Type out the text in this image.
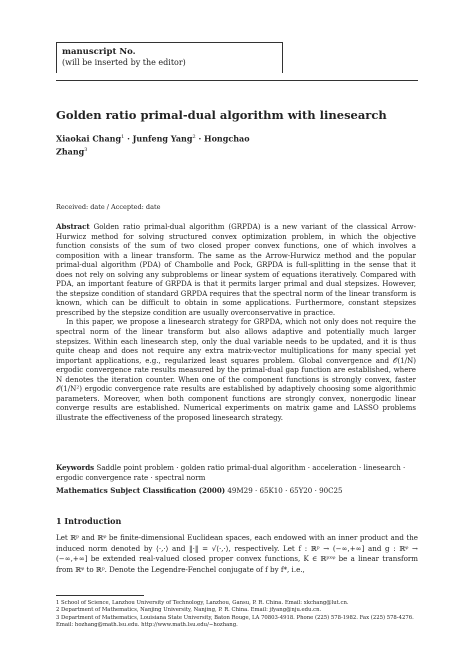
manuscript No.
(will be inserted by the editor)
Golden ratio primal-dual algorithm with linesearch
Xiaokai Chang$^1$ · Junfeng Yang$^2$ · Hongchao
Zhang$^3$
Received: date / Accepted: date

Abstract Golden ratio primal-dual algorithm (GRPDA) is a new variant of the classical Arrow-Hurwicz method for solving structured convex optimization problem, in which the objective function consists of the sum of two closed proper convex functions, one of which involves a composition with a linear transform. The same as the Arrow-Hurwicz method and the popular primal-dual algorithm (PDA) of Chambolle and Pock, GRPDA is full-splitting in the sense that it does not rely on solving any subproblems or linear system of equations iteratively. Compared with PDA, an important feature of GRPDA is that it permits larger primal and dual stepsizes. However, the stepsize condition of standard GRPDA requires that the spectral norm of the linear transform is known, which can be difficult to obtain in some applications. Furthermore, constant stepsizes prescribed by the stepsize condition are usually overconservative in practice.

In this paper, we propose a linesearch strategy for GRPDA, which not only does not require the spectral norm of the linear transform but also allows adaptive and potentially much larger stepsizes. Within each linesearch step, only the dual variable needs to be updated, and it is thus quite cheap and does not require any extra matrix-vector multiplications for many special yet important applications, e.g., regularized least squares problem. Global convergence and 𝒪(1/N) ergodic convergence rate results measured by the primal-dual gap function are established, where N denotes the iteration counter. When one of the component functions is strongly convex, faster 𝒪(1/N²) ergodic convergence rate results are established by adaptively choosing some algorithmic parameters. Moreover, when both component functions are strongly convex, nonergodic linear converge results are established. Numerical experiments on matrix game and LASSO problems illustrate the effectiveness of the proposed linesearch strategy.

Keywords Saddle point problem · golden ratio primal-dual algorithm · acceleration · linesearch · ergodic convergence rate · spectral norm
Mathematics Subject Classification (2000) 49M29 · 65K10 · 65Y20 · 90C25
1 Introduction

Let ℝᵖ and ℝᵠ be finite-dimensional Euclidean spaces, each endowed with an inner product and the induced norm denoted by ⟨·,·⟩ and ‖·‖ = √⟨·,·⟩, respectively. Let f : ℝᵖ → (−∞,+∞] and g : ℝᵠ → (−∞,+∞] be extended real-valued closed proper convex functions, K ∈ ℝᵖˣᵠ be a linear transform from ℝᵠ to ℝᵖ. Denote the Legendre-Fenchel conjugate of f by f*, i.e.,

1 School of Science, Lanzhou University of Technology, Lanzhou, Gansu, P. R. China. Email: xkchang@lut.cn.

2 Department of Mathematics, Nanjing University, Nanjing, P. R. China. Email: jfyang@nju.edu.cn.

3 Department of Mathematics, Louisiana State University, Baton Rouge, LA 70803-4918. Phone (225) 578-1982. Fax (225) 578-4276. Email: hozhang@math.lsu.edu. http://www.math.lsu.edu/∼hozhang.
